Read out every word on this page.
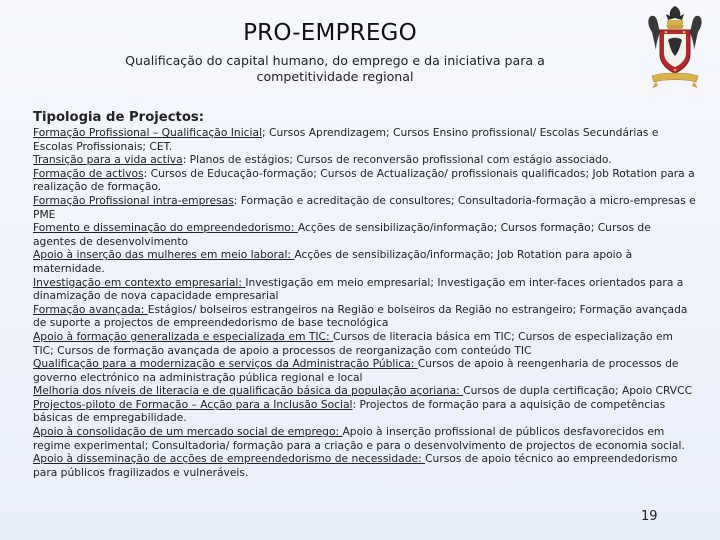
PRO-EMPREGO
Qualificação do capital humano, do emprego e da iniciativa para a competitividade regional
Tipologia de Projectos:

Formação Profissional – Qualificação Inicial; Cursos Aprendizagem; Cursos Ensino profissional/ Escolas Secundárias e Escolas Profissionais; CET.

Transição para a vida activa: Planos de estágios; Cursos de reconversão profissional com estágio associado.

Formação de activos: Cursos de Educação-formação; Cursos de Actualização/ profissionais qualificados; Job Rotation para a realização de formação.

Formação Profissional intra-empresas: Formação e acreditação de consultores; Consultadoria-formação a micro-empresas e PME

Fomento e disseminação do empreendedorismo: Acções de sensibilização/informação; Cursos formação; Cursos de agentes de desenvolvimento

Apoio à inserção das mulheres em meio laboral: Acções de sensibilização/informação; Job Rotation para apoio à maternidade.

Investigação em contexto empresarial: Investigação em meio empresarial; Investigação em inter-faces orientados para a dinamização de nova capacidade empresarial

Formação avançada: Estágios/ bolseiros estrangeiros na Região e bolseiros da Região no estrangeiro; Formação avançada de suporte a projectos de empreendedorismo de base tecnológica

Apoio à formação generalizada e especializada em TIC: Cursos de literacia básica em TIC; Cursos de especialização em TIC; Cursos de formação avançada de apoio a processos de reorganização com conteúdo TIC

Qualificação para a modernização e serviços da Administração Pública: Cursos de apoio à reengenharia de processos de governo electrónico na administração pública regional e local

Melhoria dos níveis de literacia e de qualificação básica da população açoriana: Cursos de dupla certificação; Apoio CRVCC

Projectos-piloto de Formação – Acção para a Inclusão Social: Projectos de formação para a aquisição de competências básicas de empregabilidade.

Apoio à consolidação de um mercado social de emprego: Apoio à inserção profissional de públicos desfavorecidos em regime experimental; Consultadoria/ formação para a criação e para o desenvolvimento de projectos de economia social.

Apoio à disseminação de acções de empreendedorismo de necessidade: Cursos de apoio técnico ao empreendedorismo para públicos fragilizados e vulneráveis.

19
